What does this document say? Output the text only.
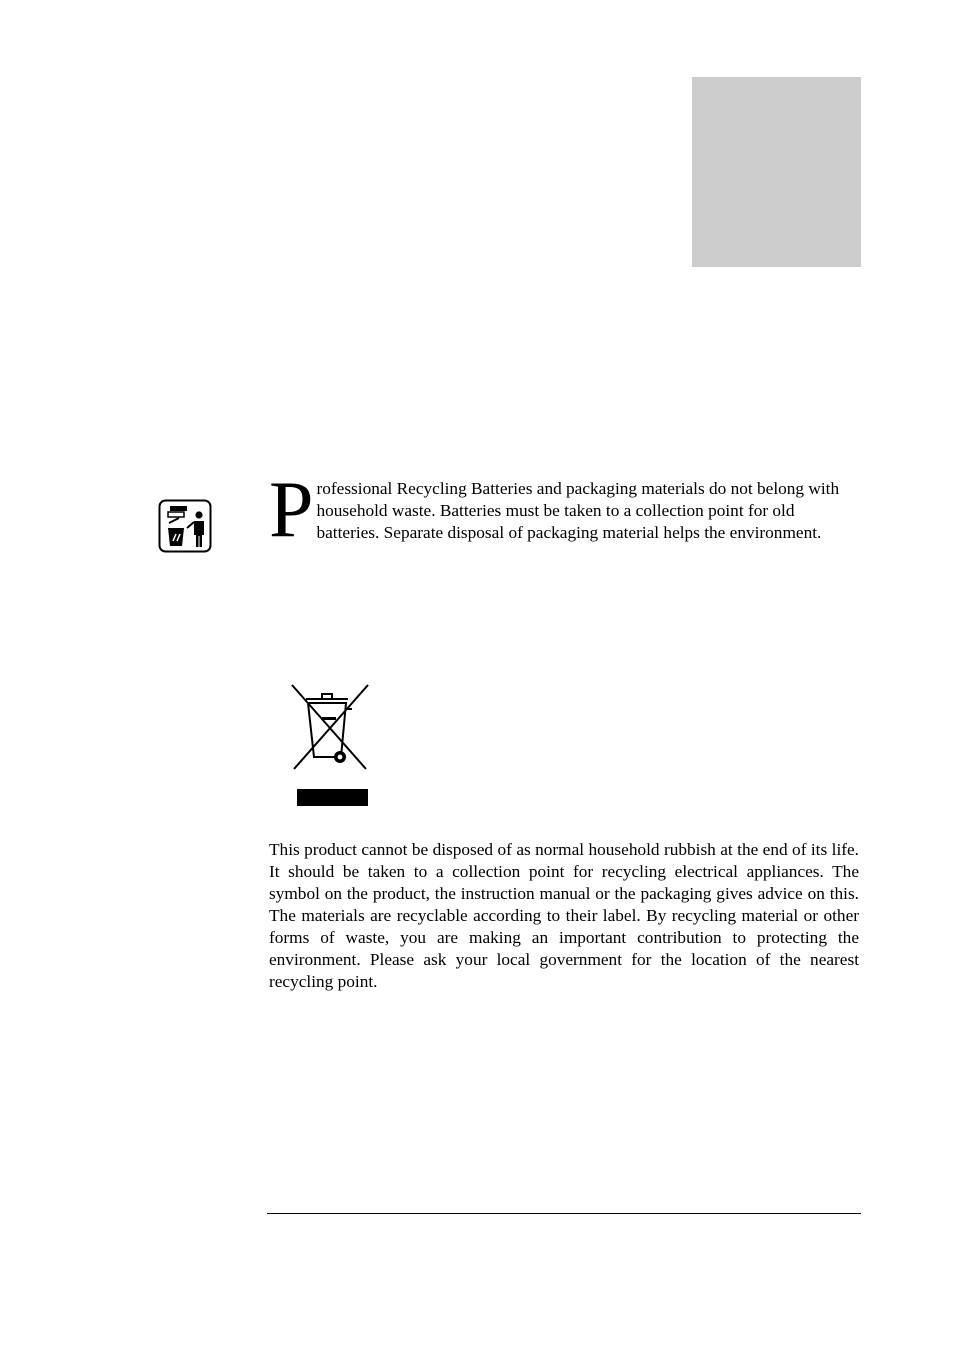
P rofessional Recycling Batteries and packaging materials do not belong with household waste. Batteries must be taken to a collection point for old batteries. Separate disposal of packaging material helps the environment.

This product cannot be disposed of as normal household rubbish at the end of its life. It should be taken to a collection point for recycling electrical appliances. The symbol on the product, the instruction manual or the packaging gives advice on this. The materials are recyclable according to their label. By recycling material or other forms of waste, you are making an important contribution to protecting the environment. Please ask your local government for the location of the nearest recycling point.
